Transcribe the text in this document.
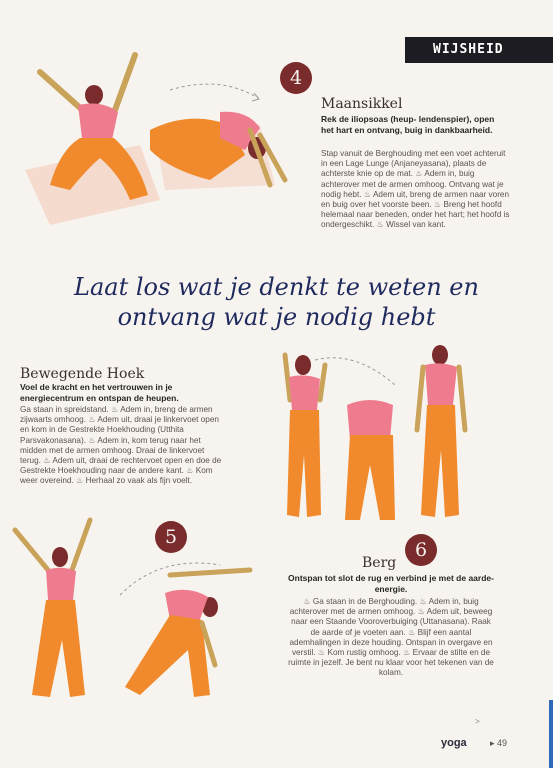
WIJSHEID
4
Maansikkel
Rek de iliopsoas (heup- lendenspier), open het hart en ontvang, buig in dankbaarheid.
Stap vanuit de Berghouding met een voet achteruit in een Lage Lunge (Anjaneyasana), plaats de achterste knie op de mat. ♨ Adem in, buig achterover met de armen omhoog. Ontvang wat je nodig hebt. ♨ Adem uit, breng de armen naar voren en buig over het voorste been. ♨ Breng het hoofd helemaal naar beneden, onder het hart; het hoofd is ondergeschikt. ♨ Wissel van kant.
Laat los wat je denkt te weten en
ontvang wat je nodig hebt
Bewegende Hoek
Voel de kracht en het vertrouwen in je energiecentrum en ontspan de heupen.
Ga staan in spreidstand. ♨ Adem in, breng de armen zijwaarts omhoog. ♨ Adem uit, draai je linkervoet open en kom in de Gestrekte Hoekhouding (Utthita Parsvakonasana). ♨ Adem in, kom terug naar het midden met de armen omhoog. Draai de linkervoet terug. ♨ Adem uit, draai de rechtervoet open en doe de Gestrekte Hoekhouding naar de andere kant. ♨ Kom weer overeind. ♨ Herhaal zo vaak als fijn voelt.
5
6
Berg
Ontspan tot slot de rug en verbind je met de aarde-energie.
♨ Ga staan in de Berghouding. ♨ Adem in, buig achterover met de armen omhoog. ♨ Adem uit, beweeg naar een Staande Vooroverbuiging (Uttanasana). Raak de aarde of je voeten aan. ♨ Blijf een aantal ademhalingen in deze houding. Ontspan in overgave en verstil. ♨ Kom rustig omhoog. ♨ Ervaar de stilte en de ruimte in jezelf. Je bent nu klaar voor het tekenen van de kolam.
>
yoga	▸ 49
